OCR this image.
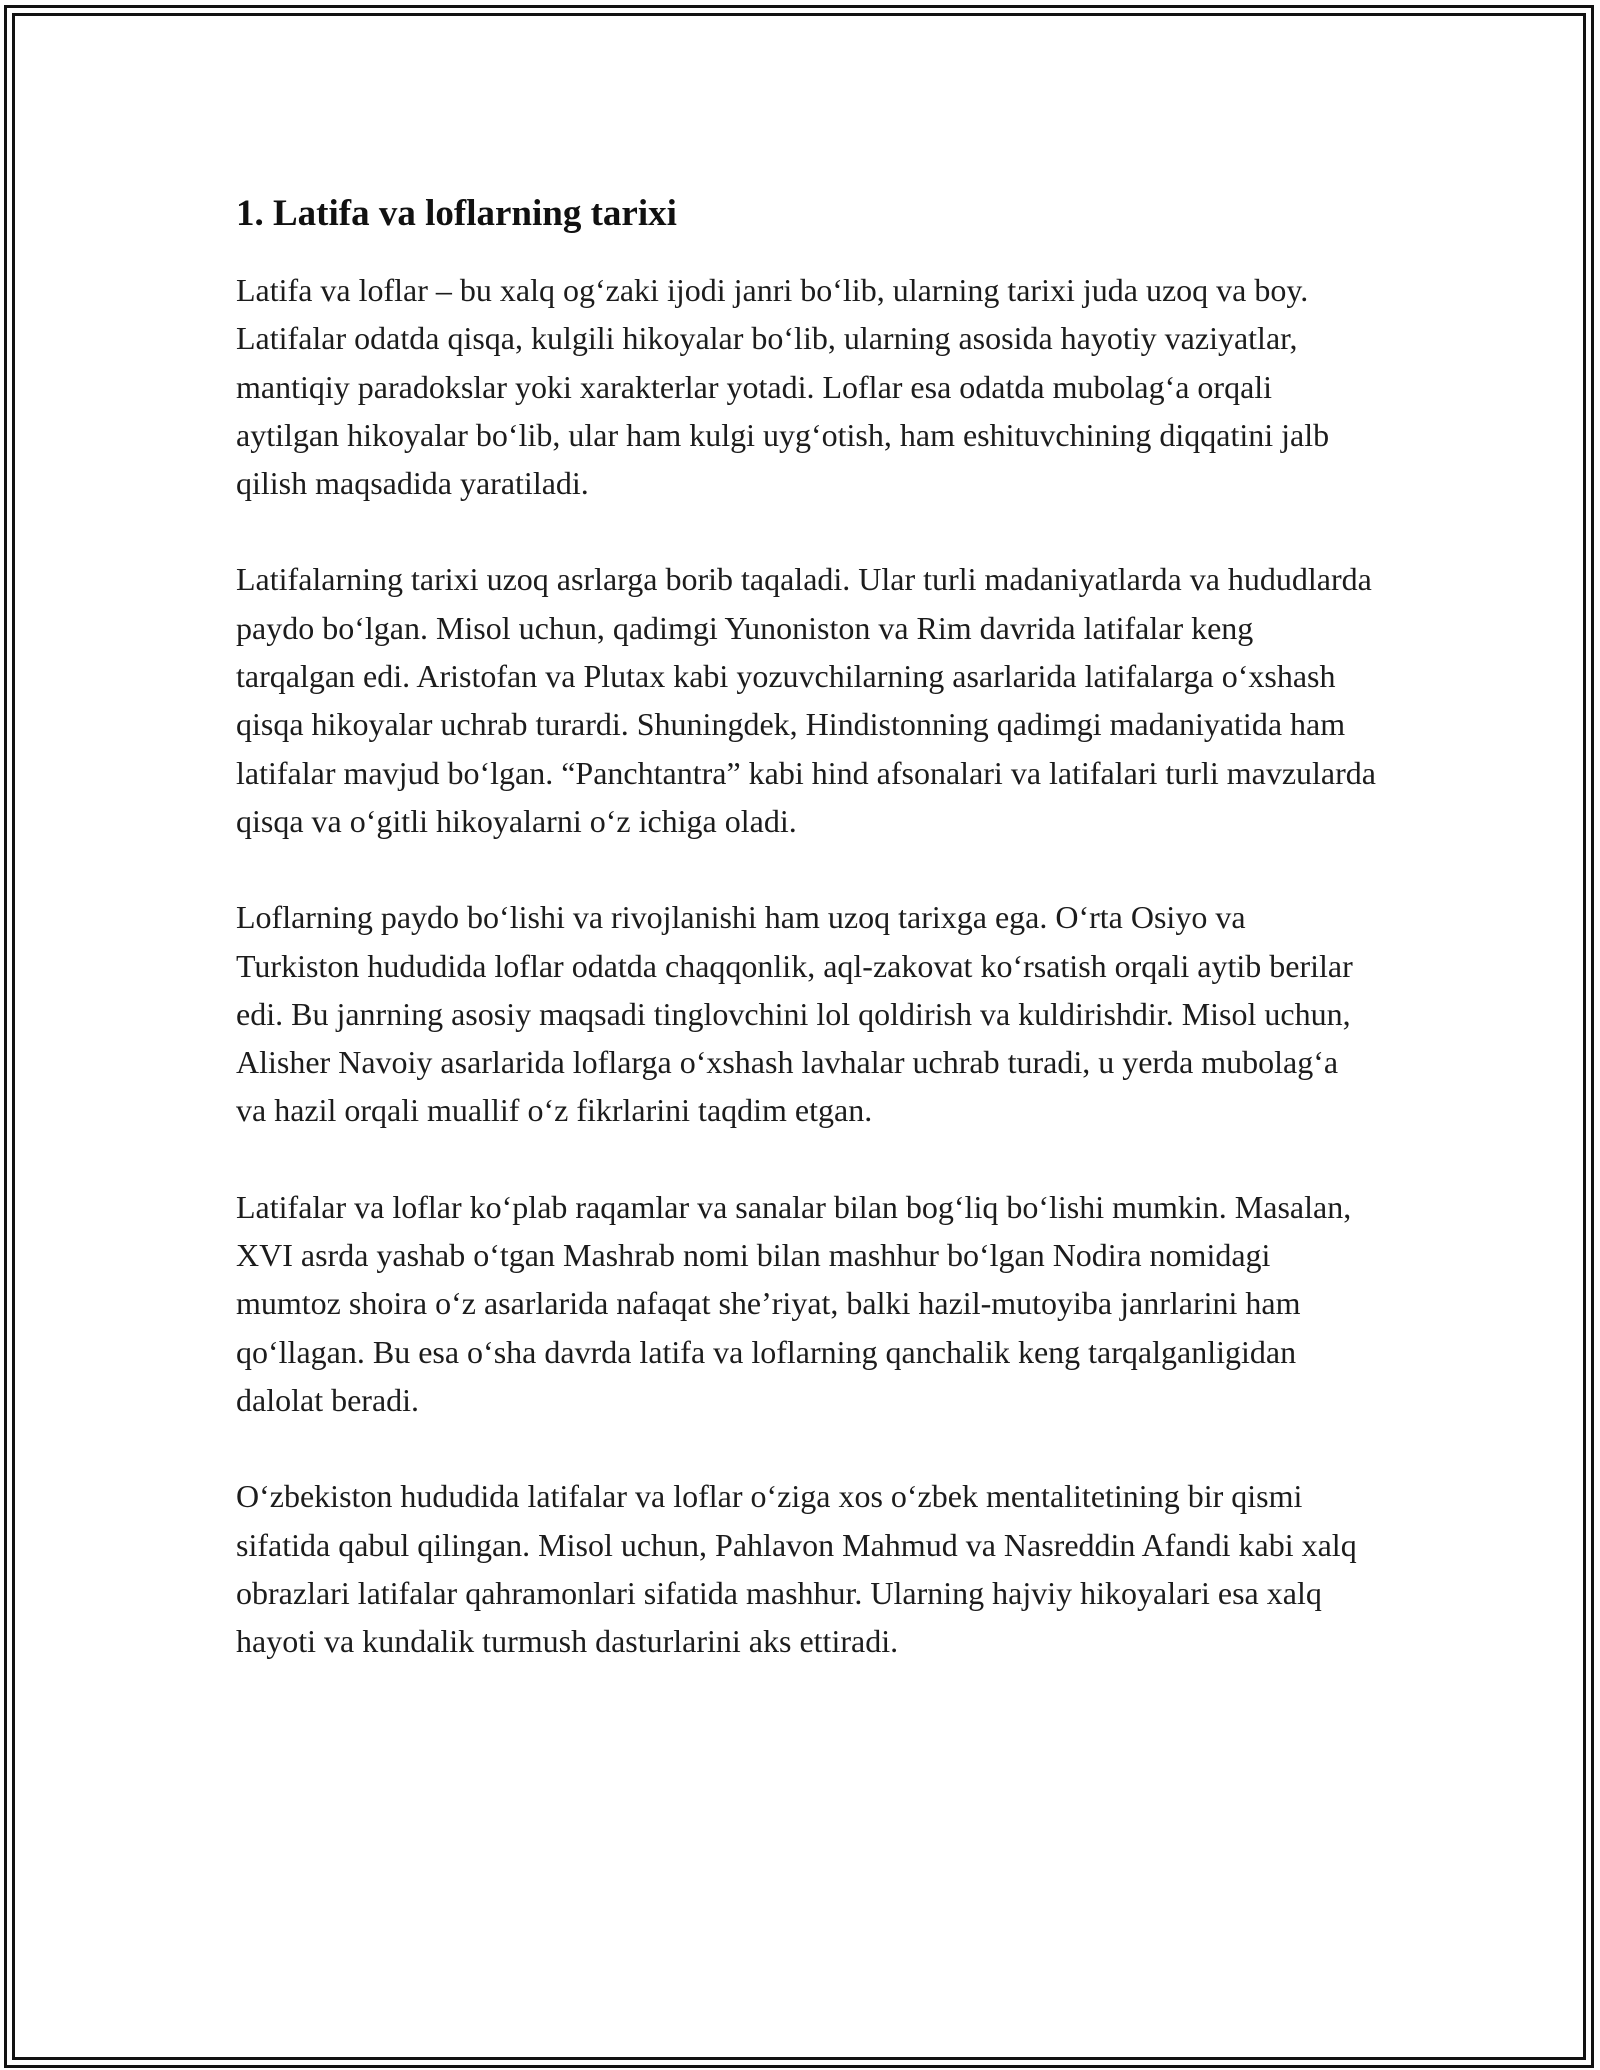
1. Latifa va loflarning tarixi

Latifa va loflar – bu xalq ogʻzaki ijodi janri boʻlib, ularning tarixi juda uzoq va boy. Latifalar odatda qisqa, kulgili hikoyalar boʻlib, ularning asosida hayotiy vaziyatlar, mantiqiy paradokslar yoki xarakterlar yotadi. Loflar esa odatda mubolagʻa orqali aytilgan hikoyalar boʻlib, ular ham kulgi uygʻotish, ham eshituvchining diqqatini jalb qilish maqsadida yaratiladi.

Latifalarning tarixi uzoq asrlarga borib taqaladi. Ular turli madaniyatlarda va hududlarda paydo boʻlgan. Misol uchun, qadimgi Yunoniston va Rim davrida latifalar keng tarqalgan edi. Aristofan va Plutax kabi yozuvchilarning asarlarida latifalarga oʻxshash qisqa hikoyalar uchrab turardi. Shuningdek, Hindistonning qadimgi madaniyatida ham latifalar mavjud boʻlgan. “Panchtantra” kabi hind afsonalari va latifalari turli mavzularda qisqa va oʻgitli hikoyalarni oʻz ichiga oladi.

Loflarning paydo boʻlishi va rivojlanishi ham uzoq tarixga ega. Oʻrta Osiyo va Turkiston hududida loflar odatda chaqqonlik, aql-zakovat koʻrsatish orqali aytib berilar edi. Bu janrning asosiy maqsadi tinglovchini lol qoldirish va kuldirishdir. Misol uchun, Alisher Navoiy asarlarida loflarga oʻxshash lavhalar uchrab turadi, u yerda mubolagʻa va hazil orqali muallif oʻz fikrlarini taqdim etgan.

Latifalar va loflar koʻplab raqamlar va sanalar bilan bogʻliq boʻlishi mumkin. Masalan, XVI asrda yashab oʻtgan Mashrab nomi bilan mashhur boʻlgan Nodira nomidagi mumtoz shoira oʻz asarlarida nafaqat sheʼriyat, balki hazil-mutoyiba janrlarini ham qoʻllagan. Bu esa oʻsha davrda latifa va loflarning qanchalik keng tarqalganligidan dalolat beradi.

Oʻzbekiston hududida latifalar va loflar oʻziga xos oʻzbek mentalitetining bir qismi sifatida qabul qilingan. Misol uchun, Pahlavon Mahmud va Nasreddin Afandi kabi xalq obrazlari latifalar qahramonlari sifatida mashhur. Ularning hajviy hikoyalari esa xalq hayoti va kundalik turmush dasturlarini aks ettiradi.
